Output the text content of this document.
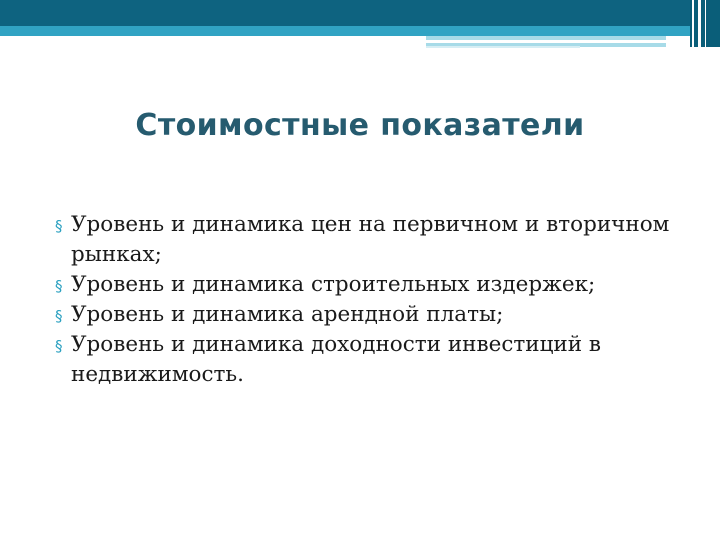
Стоимостные показатели
§ Уровень и динамика цен на первичном и вторичном рынках;
§ Уровень и динамика строительных издержек;
§ Уровень и динамика арендной платы;
§ Уровень и динамика доходности инвестиций в недвижимость.
